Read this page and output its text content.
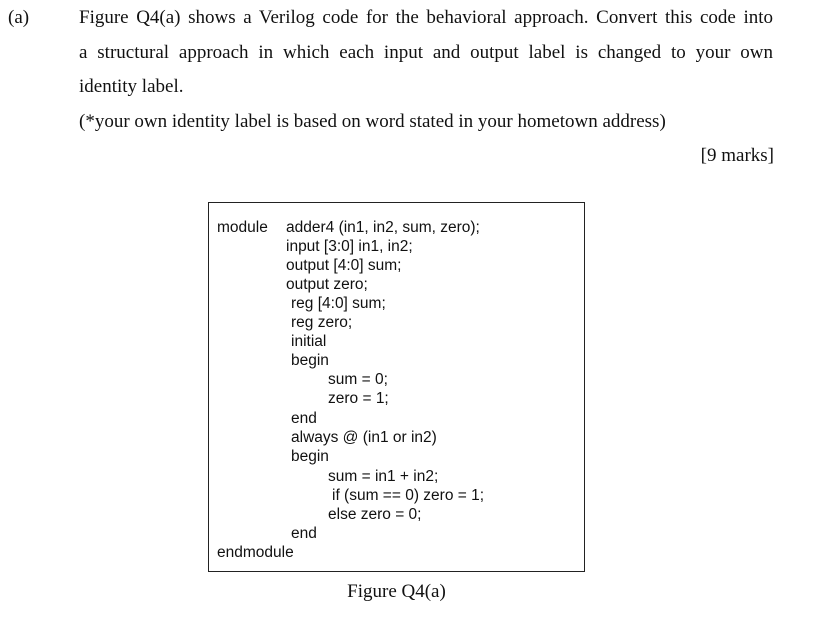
(a)	Figure Q4(a) shows a Verilog code for the behavioral approach. Convert this code into
a structural approach in which each input and output label is changed to your own
identity label.
(*your own identity label is based on word stated in your hometown address)
[9 marks]
module adder4 (in1, in2, sum, zero);
input [3:0] in1, in2;
output [4:0] sum;
output zero;
reg [4:0] sum;
reg zero;
initial
begin
sum = 0;
zero = 1;
end
always @ (in1 or in2)
begin
sum = in1 + in2;
if (sum == 0) zero = 1;
else zero = 0;
end
endmodule
Figure Q4(a)
